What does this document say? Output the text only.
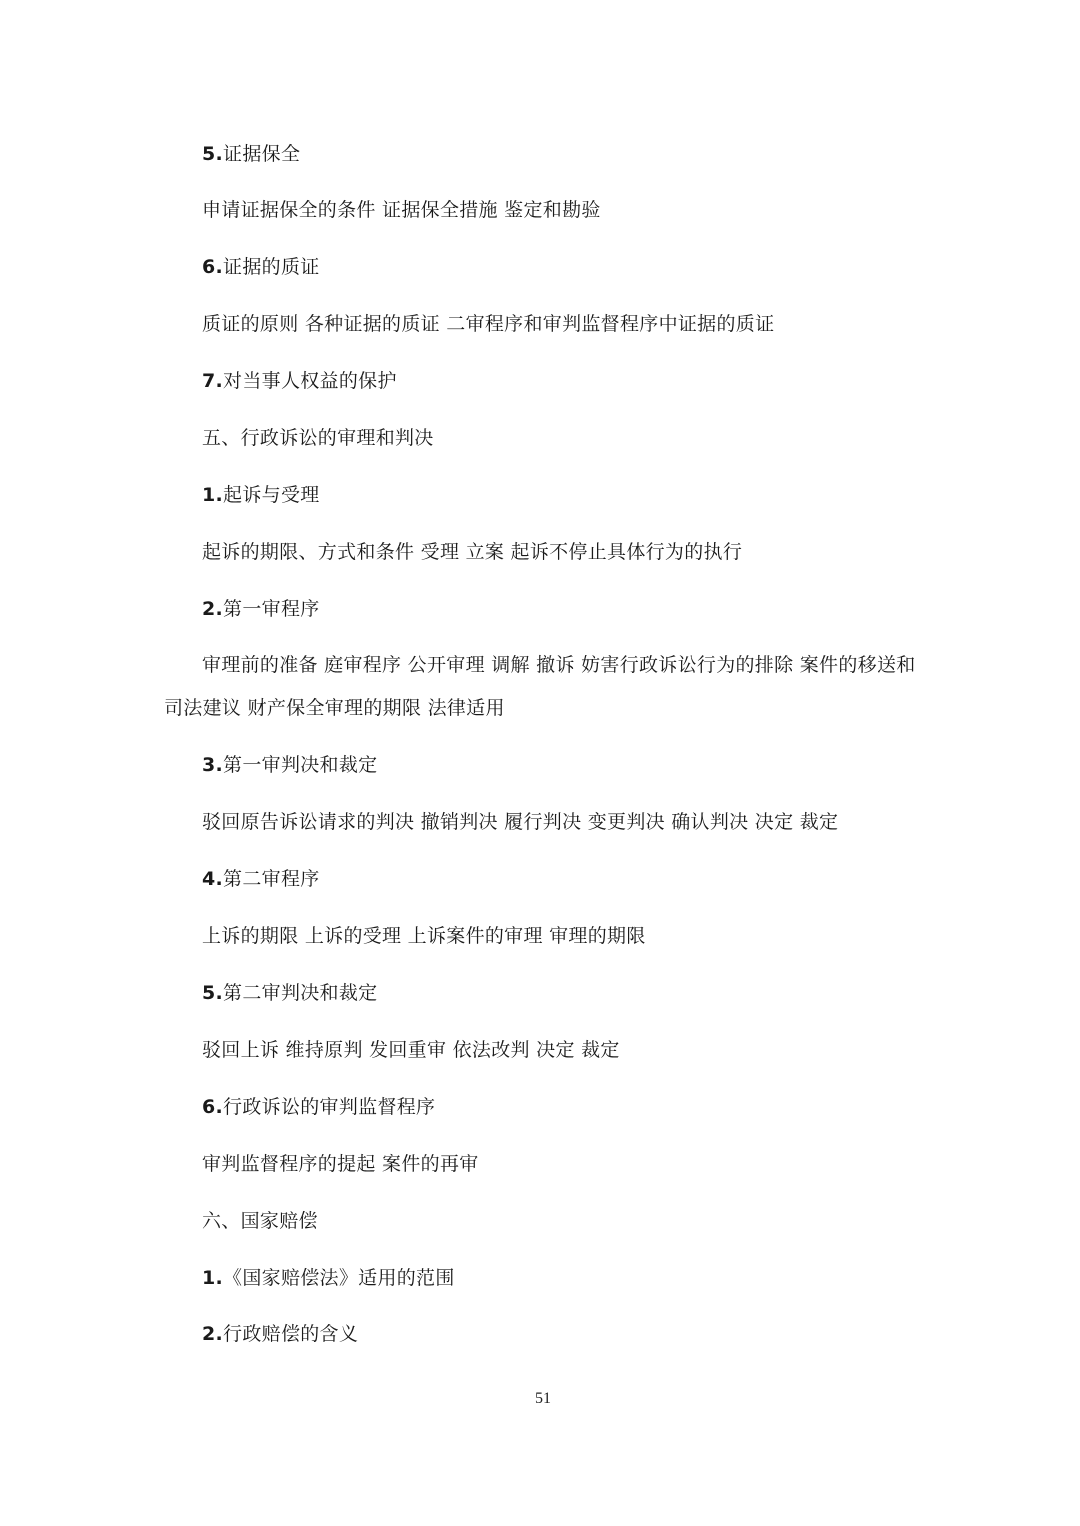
5.证据保全
申请证据保全的条件 证据保全措施 鉴定和勘验
6.证据的质证
质证的原则 各种证据的质证 二审程序和审判监督程序中证据的质证
7.对当事人权益的保护
五、行政诉讼的审理和判决
1.起诉与受理
起诉的期限、方式和条件 受理 立案 起诉不停止具体行为的执行
2.第一审程序
审理前的准备 庭审程序 公开审理 调解 撤诉 妨害行政诉讼行为的排除 案件的移送和司法建议 财产保全审理的期限 法律适用
3.第一审判决和裁定
驳回原告诉讼请求的判决 撤销判决 履行判决 变更判决 确认判决 决定 裁定
4.第二审程序
上诉的期限 上诉的受理 上诉案件的审理 审理的期限
5.第二审判决和裁定
驳回上诉 维持原判 发回重审 依法改判 决定 裁定
6.行政诉讼的审判监督程序
审判监督程序的提起 案件的再审
六、国家赔偿
1.《国家赔偿法》适用的范围
2.行政赔偿的含义
51
